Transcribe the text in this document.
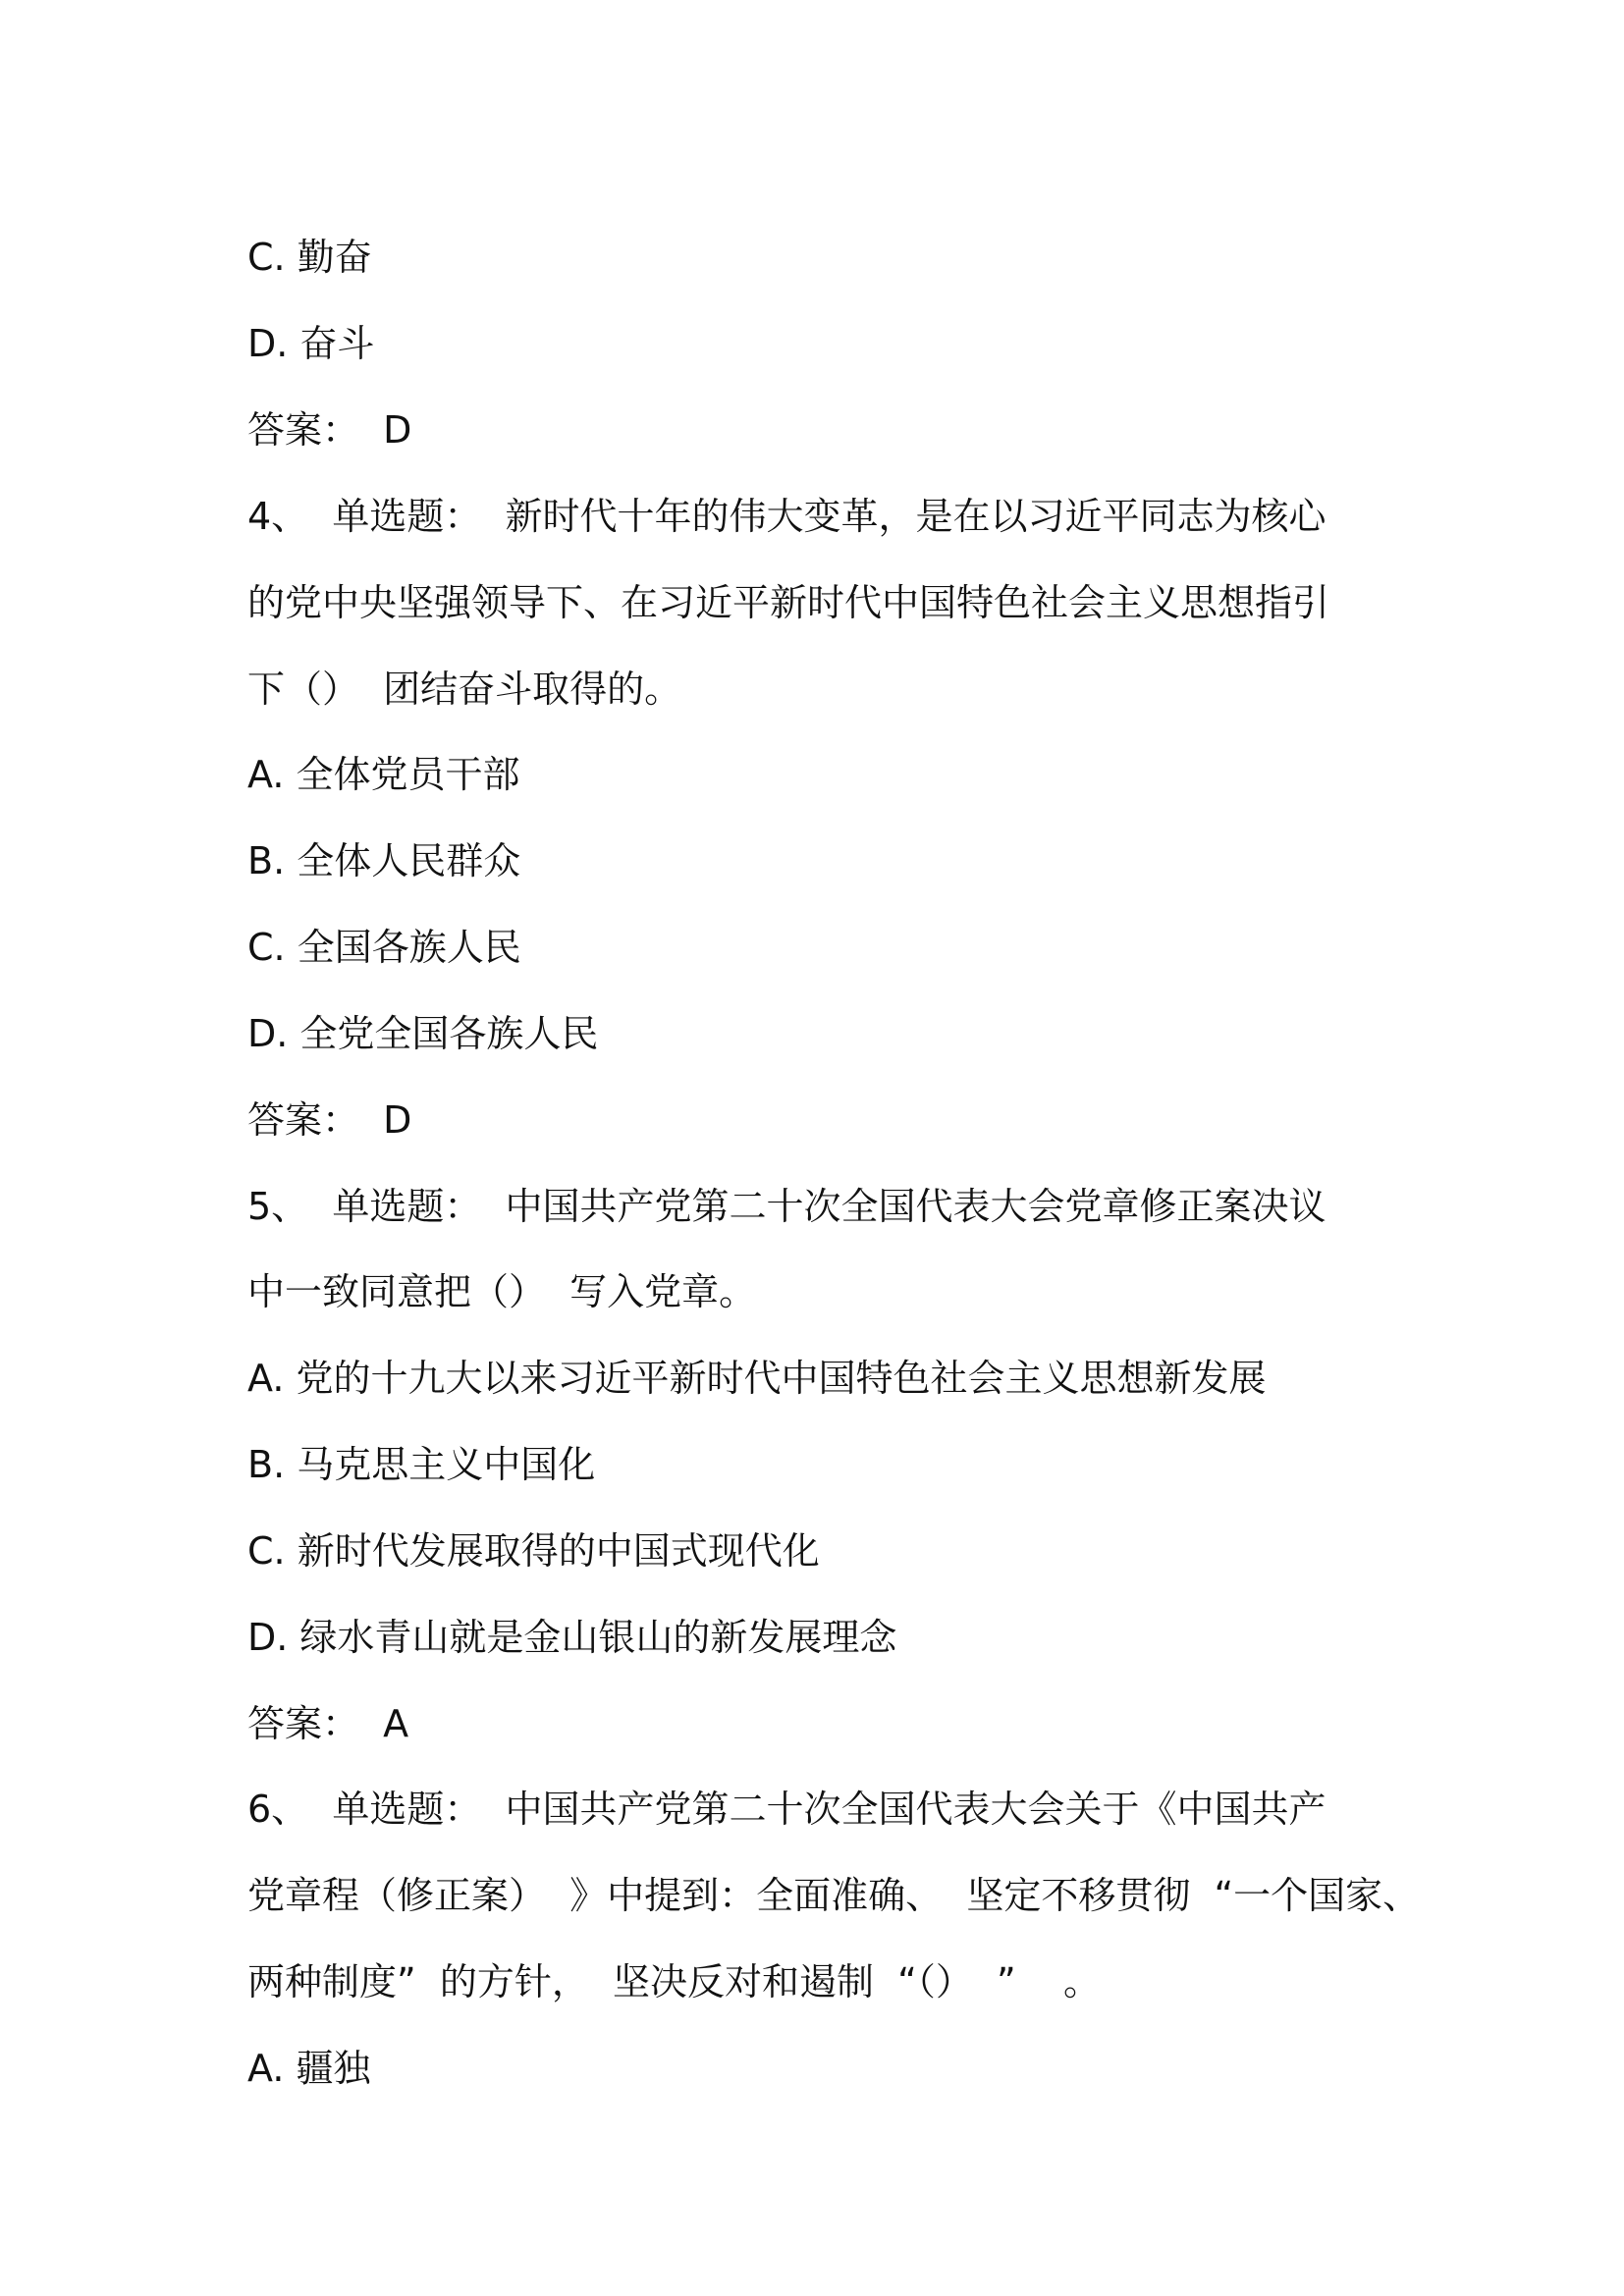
C. 勤奋
D. 奋斗
答案：  D
4、  单选题：  新时代十年的伟大变革，是在以习近平同志为核心
的党中央坚强领导下、在习近平新时代中国特色社会主义思想指引
下（）  团结奋斗取得的。
A. 全体党员干部
B. 全体人民群众
C. 全国各族人民
D. 全党全国各族人民
答案：  D
5、  单选题：  中国共产党第二十次全国代表大会党章修正案决议
中一致同意把（）  写入党章。
A. 党的十九大以来习近平新时代中国特色社会主义思想新发展
B. 马克思主义中国化
C. 新时代发展取得的中国式现代化
D. 绿水青山就是金山银山的新发展理念
答案：  A
6、  单选题：  中国共产党第二十次全国代表大会关于《中国共产
党章程（修正案）  》中提到：全面准确、  坚定不移贯彻  “一个国家、
两种制度”  的方针，  坚决反对和遏制  “（）  ”    。
A. 疆独
